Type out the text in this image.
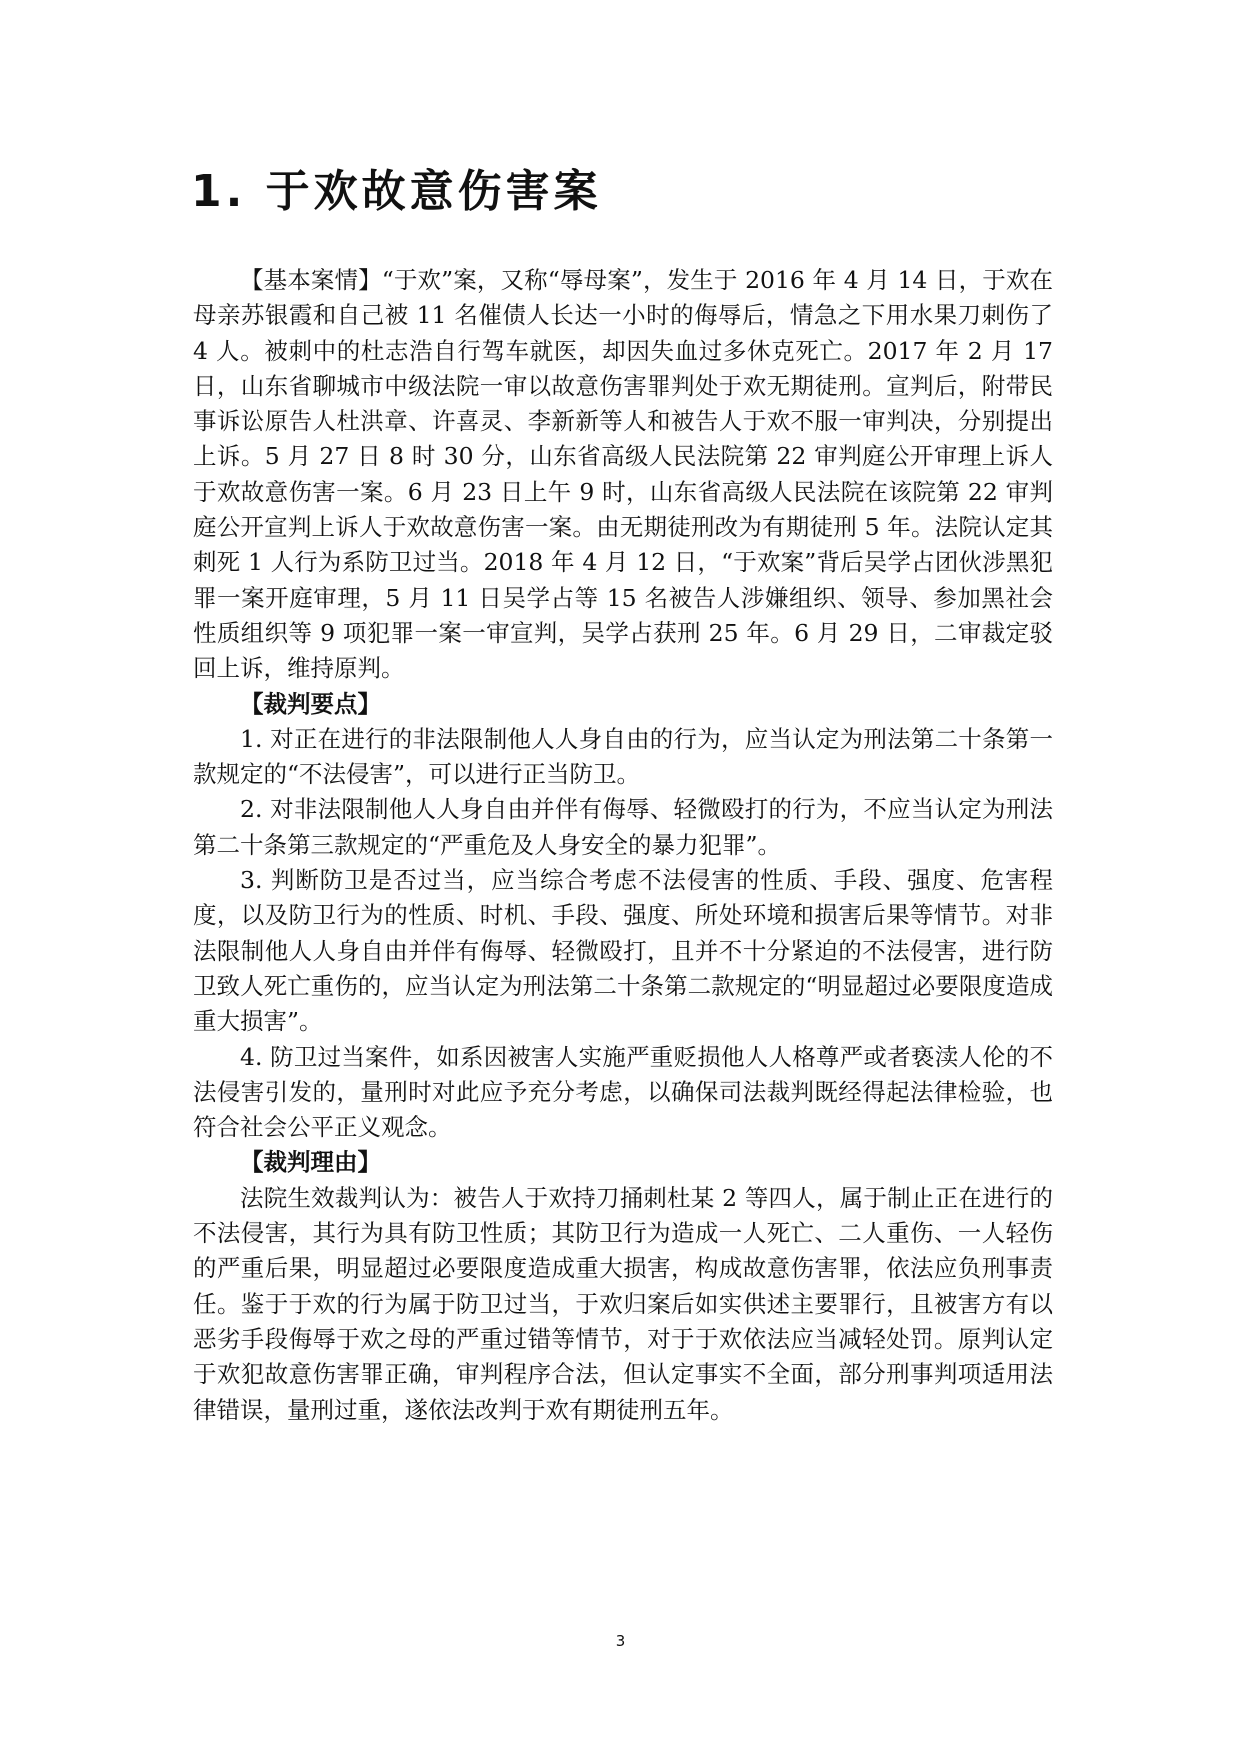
1. 于欢故意伤害案

【基本案情】“于欢”案，又称“辱母案”，发生于 2016 年 4 月 14 日，于欢在母亲苏银霞和自己被 11 名催债人长达一小时的侮辱后，情急之下用水果刀刺伤了 4 人。被刺中的杜志浩自行驾车就医，却因失血过多休克死亡。2017 年 2 月 17 日，山东省聊城市中级法院一审以故意伤害罪判处于欢无期徒刑。宣判后，附带民事诉讼原告人杜洪章、许喜灵、李新新等人和被告人于欢不服一审判决，分别提出上诉。5 月 27 日 8 时 30 分，山东省高级人民法院第 22 审判庭公开审理上诉人于欢故意伤害一案。6 月 23 日上午 9 时，山东省高级人民法院在该院第 22 审判庭公开宣判上诉人于欢故意伤害一案。由无期徒刑改为有期徒刑 5 年。法院认定其刺死 1 人行为系防卫过当。2018 年 4 月 12 日，“于欢案”背后吴学占团伙涉黑犯罪一案开庭审理，5 月 11 日吴学占等 15 名被告人涉嫌组织、领导、参加黑社会性质组织等 9 项犯罪一案一审宣判，吴学占获刑 25 年。6 月 29 日，二审裁定驳回上诉，维持原判。

【裁判要点】

1. 对正在进行的非法限制他人人身自由的行为，应当认定为刑法第二十条第一款规定的“不法侵害”，可以进行正当防卫。

2. 对非法限制他人人身自由并伴有侮辱、轻微殴打的行为，不应当认定为刑法第二十条第三款规定的“严重危及人身安全的暴力犯罪”。

3. 判断防卫是否过当，应当综合考虑不法侵害的性质、手段、强度、危害程度，以及防卫行为的性质、时机、手段、强度、所处环境和损害后果等情节。对非法限制他人人身自由并伴有侮辱、轻微殴打，且并不十分紧迫的不法侵害，进行防卫致人死亡重伤的，应当认定为刑法第二十条第二款规定的“明显超过必要限度造成重大损害”。

4. 防卫过当案件，如系因被害人实施严重贬损他人人格尊严或者亵渎人伦的不法侵害引发的，量刑时对此应予充分考虑，以确保司法裁判既经得起法律检验，也符合社会公平正义观念。

【裁判理由】

法院生效裁判认为：被告人于欢持刀捅刺杜某 2 等四人，属于制止正在进行的不法侵害，其行为具有防卫性质；其防卫行为造成一人死亡、二人重伤、一人轻伤的严重后果，明显超过必要限度造成重大损害，构成故意伤害罪，依法应负刑事责任。鉴于于欢的行为属于防卫过当，于欢归案后如实供述主要罪行，且被害方有以恶劣手段侮辱于欢之母的严重过错等情节，对于于欢依法应当减轻处罚。原判认定于欢犯故意伤害罪正确，审判程序合法，但认定事实不全面，部分刑事判项适用法律错误，量刑过重，遂依法改判于欢有期徒刑五年。

3
